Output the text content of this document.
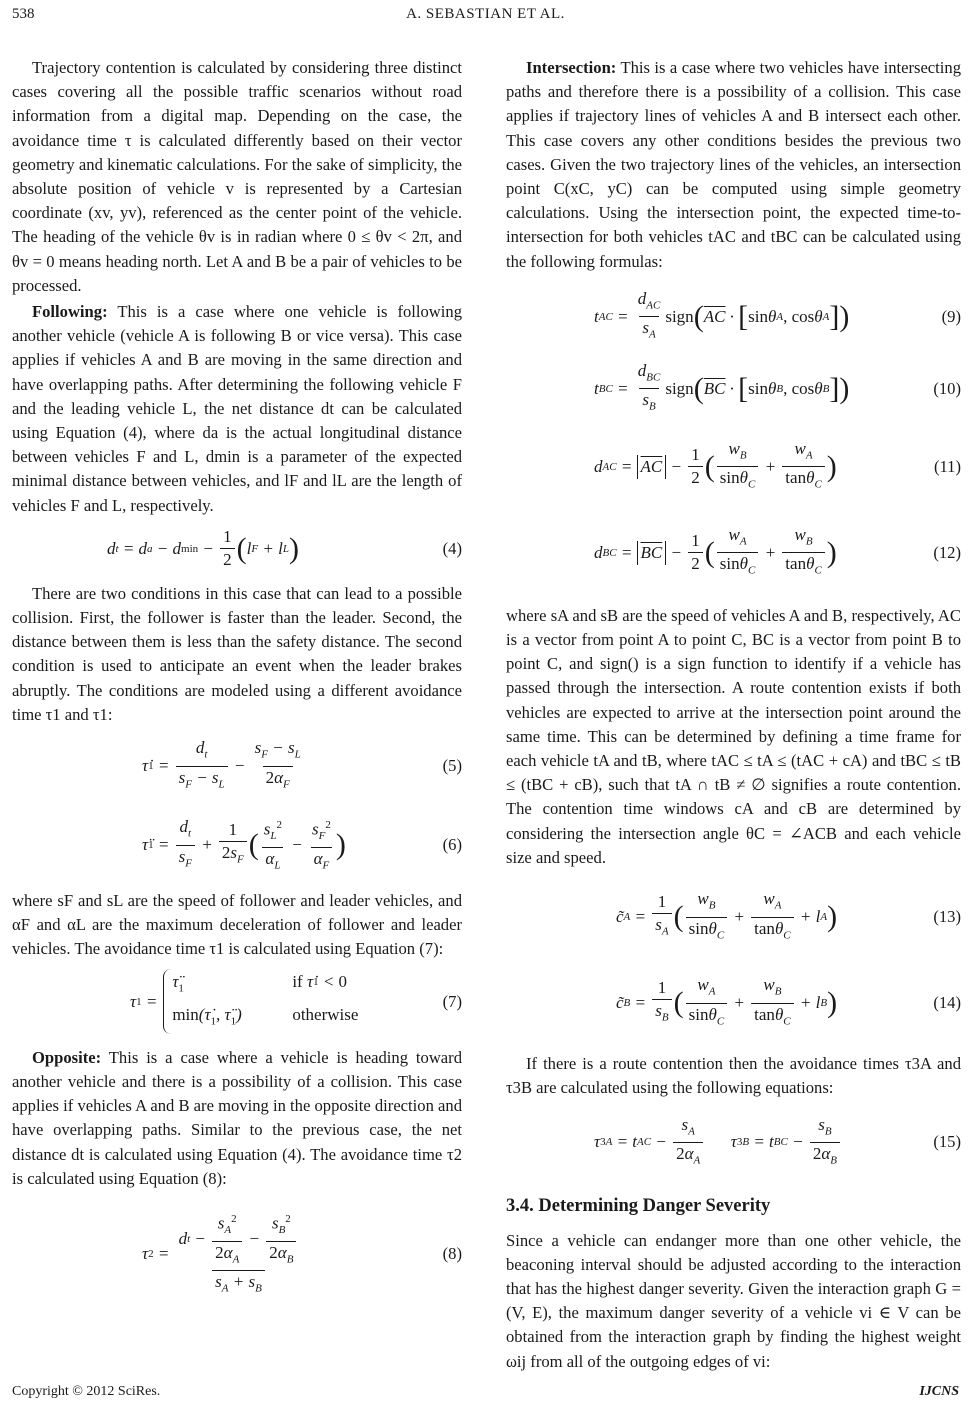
538	A. SEBASTIAN ET AL.

Trajectory contention is calculated by considering three distinct cases covering all the possible traffic scenarios without road information from a digital map. Depending on the case, the avoidance time τ is calculated differently based on their vector geometry and kinematic calculations. For the sake of simplicity, the absolute position of vehicle v is represented by a Cartesian coordinate (xv, yv), referenced as the center point of the vehicle. The heading of the vehicle θv is in radian where 0 ≤ θv < 2π, and θv = 0 means heading north. Let A and B be a pair of vehicles to be processed.

Following: This is a case where one vehicle is following another vehicle (vehicle A is following B or vice versa). This case applies if vehicles A and B are moving in the same direction and have overlapping paths. After determining the following vehicle F and the leading vehicle L, the net distance dt can be calculated using Equation (4), where da is the actual longitudinal distance between vehicles F and L, dmin is a parameter of the expected minimal distance between vehicles, and lF and lL are the length of vehicles F and L, respectively.

d t = d a − d $\min - \frac{1}{2}$ ( l F + l L )	(4)

There are two conditions in this case that can lead to a possible collision. First, the follower is faster than the leader. Second, the distance between them is less than the safety distance. The second condition is used to anticipate an event when the leader brakes abruptly. The conditions are modeled using a different avoidance time τ1 and τ1:

τ̇ $1 = \frac{d_t}{s_F - s_L} - \frac{s_F - s_L}{2\alpha_F}$	(5)
τ̈ $1 = \frac{d_t}{s_F} + \frac{1}{2s_F}$ ( $\frac{s_L^2}{\alpha_L} - \frac{s_F^2}{\alpha_F}$ )	(6)

where sF and sL are the speed of follower and leader vehicles, and αF and αL are the maximum deceleration of follower and leader vehicles. The avoidance time τ1 is calculated using Equation (7):

τ 1 =
$\taü_1$	if τ̇ 1 < 0
$\min(\tau̇_1$, $\taü_1$)	otherwise
(7)

Opposite: This is a case where a vehicle is heading toward another vehicle and there is a possibility of a collision. This case applies if vehicles A and B are moving in the opposite direction and have overlapping paths. Similar to the previous case, the net distance dt is calculated using Equation (4). The avoidance time τ2 is calculated using Equation (8):

τ $2 = \frac{d t - \frac{s_A^2}{2\alpha_A} - \frac{s_B^2}{2\alpha_B}}{s_A + s_B}$	(8)

Intersection: This is a case where two vehicles have intersecting paths and therefore there is a possibility of a collision. This case applies if trajectory lines of vehicles A and B intersect each other. This case covers any other conditions besides the previous two cases. Given the two trajectory lines of the vehicles, an intersection point C(xC, yC) can be computed using simple geometry calculations. Using the intersection point, the expected time-to-intersection for both vehicles tAC and tBC can be calculated using the following formulas:

t AC = $\frac{d_{AC}}{s_A}$ sign ( $\overline{AC}$ · [ sin θ A , cos θ A ] )	(9)
t BC = $\frac{d_{BC}}{s_B}$ sign ( $\overline{BC}$ · [ sin θ B , cos θ B ] )	(10)
d AC = $\overline{AC} - \frac{1}{2}$ ( $\frac{w_B}{\sin\theta_C} + \frac{w_A}{\tan\theta_C}$ )	(11)
d BC = $\overline{BC} - \frac{1}{2}$ ( $\frac{w_A}{\sin\theta_C} + \frac{w_B}{\tan\theta_C}$ )	(12)

where sA and sB are the speed of vehicles A and B, respectively, AC is a vector from point A to point C, BC is a vector from point B to point C, and sign() is a sign function to identify if a vehicle has passed through the intersection. A route contention exists if both vehicles are expected to arrive at the intersection point around the same time. This can be determined by defining a time frame for each vehicle tA and tB, where tAC ≤ tA ≤ (tAC + cA) and tBC ≤ tB ≤ (tBC + cB), such that tA ∩ tB ≠ ∅ signifies a route contention. The contention time windows cA and cB are determined by considering the intersection angle θC = ∠ACB and each vehicle size and speed.

c̃ $A = \frac{1}{s_A}$ ( $\frac{w_B}{\sin\theta_C} + \frac{w_A}{\tan\theta_C} + l$ A )	(13)
c̃ $B = \frac{1}{s_B}$ ( $\frac{w_A}{\sin\theta_C} + \frac{w_B}{\tan\theta_C} + l$ B )	(14)

If there is a route contention then the avoidance times τ3A and τ3B are calculated using the following equations:

τ 3 A = t AC − $\frac{s_A}{2\alpha_A}$ τ 3 B = t BC − $\frac{s_B}{2\alpha_B}$	(15)
3.4. Determining Danger Severity

Since a vehicle can endanger more than one other vehicle, the beaconing interval should be adjusted according to the interaction that has the highest danger severity. Given the interaction graph G = (V, E), the maximum danger severity of a vehicle vi ∈ V can be obtained from the interaction graph by finding the highest weight ωij from all of the outgoing edges of vi:

Copyright © 2012 SciRes.	IJCNS
